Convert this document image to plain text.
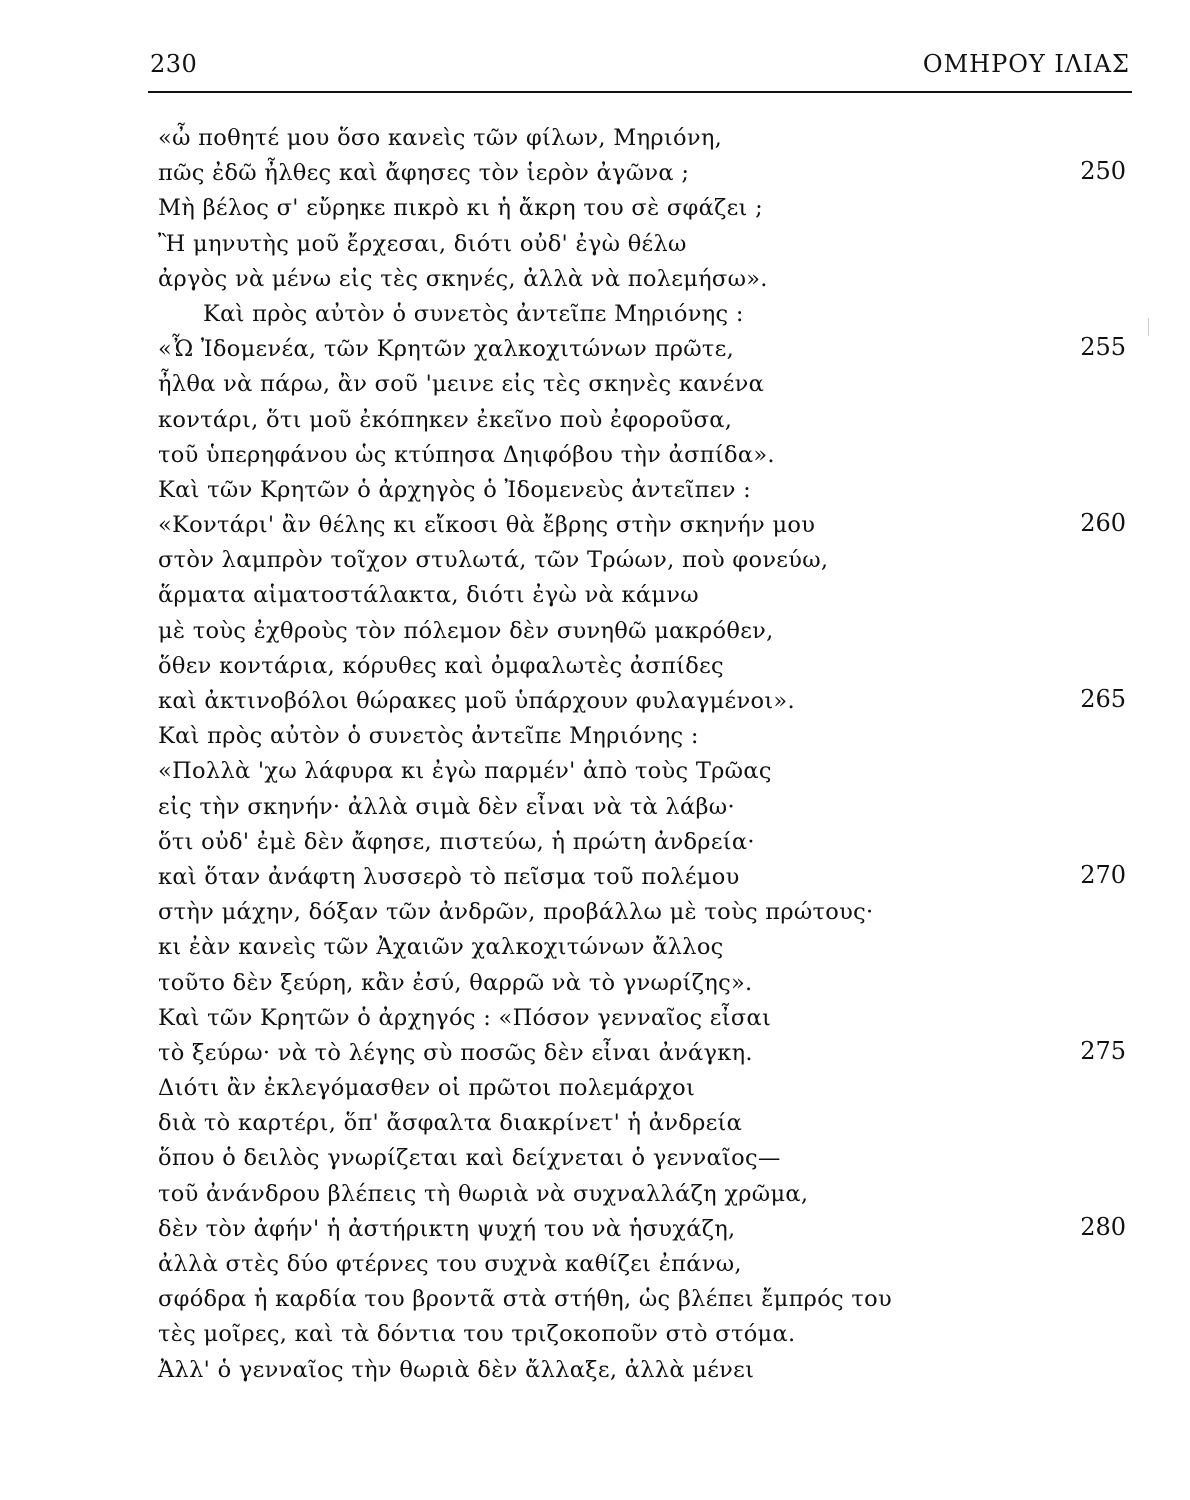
230	ΟΜΗΡΟΥ ΙΛΙΑΣ
«ὦ ποθητέ μου ὅσο κανεὶς τῶν φίλων, Μηριόνη,
πῶς ἐδῶ ἦλθες καὶ ἄφησες τὸν ἱερὸν ἀγῶνα ;	250
Μὴ βέλος σ' εὔρηκε πικρὸ κι ἡ ἄκρη του σὲ σφάζει ;
Ἢ μηνυτὴς μοῦ ἔρχεσαι, διότι οὐδ' ἐγὼ θέλω
ἀργὸς νὰ μένω εἰς τὲς σκηνές, ἀλλὰ νὰ πολεμήσω».
Καὶ πρὸς αὐτὸν ὁ συνετὸς ἀντεῖπε Μηριόνης :
«Ὦ Ἰδομενέα, τῶν Κρητῶν χαλκοχιτώνων πρῶτε,	255
ἦλθα νὰ πάρω, ἂν σοῦ 'μεινε εἰς τὲς σκηνὲς κανένα
κοντάρι, ὅτι μοῦ ἐκόπηκεν ἐκεῖνο ποὺ ἐφοροῦσα,
τοῦ ὑπερηφάνου ὡς κτύπησα Δηιφόβου τὴν ἀσπίδα».
Καὶ τῶν Κρητῶν ὁ ἀρχηγὸς ὁ Ἰδομενεὺς ἀντεῖπεν :
«Κοντάρι' ἂν θέλης κι εἴκοσι θὰ ἔβρης στὴν σκηνήν μου	260
στὸν λαμπρὸν τοῖχον στυλωτά, τῶν Τρώων, ποὺ φονεύω,
ἅρματα αἱματοστάλακτα, διότι ἐγὼ νὰ κάμνω
μὲ τοὺς ἐχθροὺς τὸν πόλεμον δὲν συνηθῶ μακρόθεν,
ὅθεν κοντάρια, κόρυθες καὶ ὀμφαλωτὲς ἀσπίδες
καὶ ἀκτινοβόλοι θώρακες μοῦ ὑπάρχουν φυλαγμένοι».	265
Καὶ πρὸς αὐτὸν ὁ συνετὸς ἀντεῖπε Μηριόνης :
«Πολλὰ 'χω λάφυρα κι ἐγὼ παρμέν' ἀπὸ τοὺς Τρῶας
εἰς τὴν σκηνήν· ἀλλὰ σιμὰ δὲν εἶναι νὰ τὰ λάβω·
ὅτι οὐδ' ἐμὲ δὲν ἄφησε, πιστεύω, ἡ πρώτη ἀνδρεία·
καὶ ὅταν ἀνάφτη λυσσερὸ τὸ πεῖσμα τοῦ πολέμου	270
στὴν μάχην, δόξαν τῶν ἀνδρῶν, προβάλλω μὲ τοὺς πρώτους·
κι ἐὰν κανεὶς τῶν Ἀχαιῶν χαλκοχιτώνων ἄλλος
τοῦτο δὲν ξεύρη, κἂν ἐσύ, θαρρῶ νὰ τὸ γνωρίζης».
Καὶ τῶν Κρητῶν ὁ ἀρχηγός : «Πόσον γενναῖος εἶσαι
τὸ ξεύρω· νὰ τὸ λέγης σὺ ποσῶς δὲν εἶναι ἀνάγκη.	275
Διότι ἂν ἐκλεγόμασθεν οἱ πρῶτοι πολεμάρχοι
διὰ τὸ καρτέρι, ὅπ' ἄσφαλτα διακρίνετ' ἡ ἀνδρεία
ὅπου ὁ δειλὸς γνωρίζεται καὶ δείχνεται ὁ γενναῖος—
τοῦ ἀνάνδρου βλέπεις τὴ θωριὰ νὰ συχναλλάζη χρῶμα,
δὲν τὸν ἀφήν' ἡ ἀστήρικτη ψυχή του νὰ ἡσυχάζη,	280
ἀλλὰ στὲς δύο φτέρνες του συχνὰ καθίζει ἐπάνω,
σφόδρα ἡ καρδία του βροντᾶ στὰ στήθη, ὡς βλέπει ἔμπρός του
τὲς μοῖρες, καὶ τὰ δόντια του τριζοκοποῦν στὸ στόμα.
Ἀλλ' ὁ γενναῖος τὴν θωριὰ δὲν ἄλλαξε, ἀλλὰ μένει
